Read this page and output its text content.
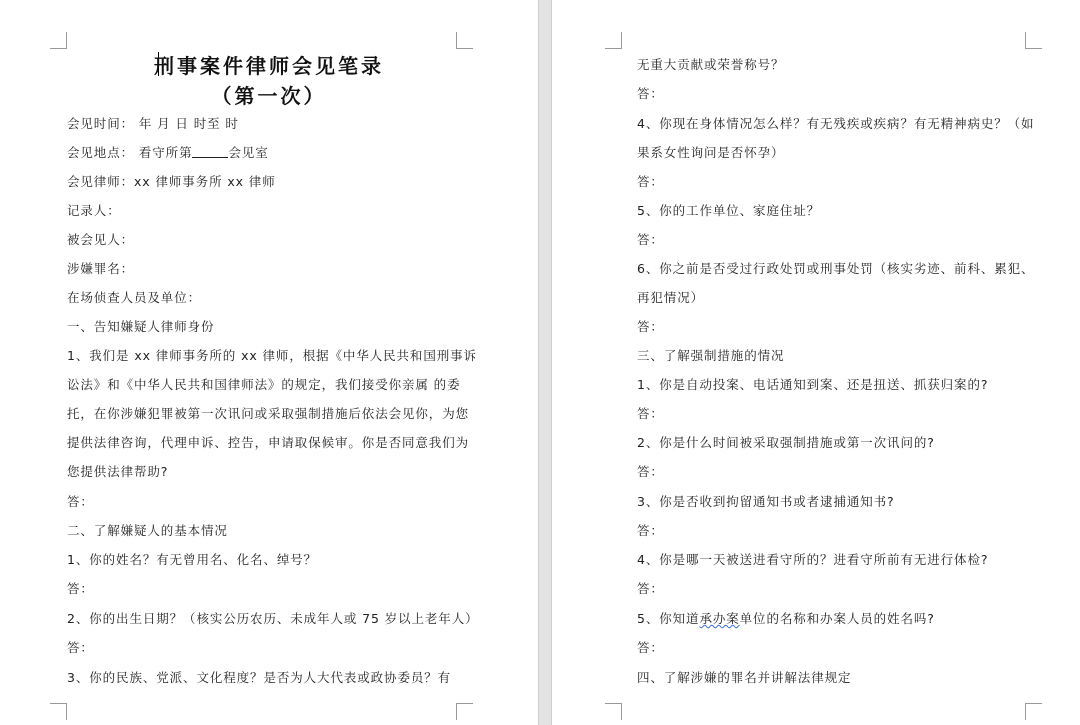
刑事案件律师会见笔录
（第一次）
会见时间： 年 月 日 时至 时
会见地点： 看守所第	会见室
会见律师：xx 律师事务所 xx 律师
记录人：
被会见人：
涉嫌罪名：
在场侦查人员及单位：
一、告知嫌疑人律师身份
1、我们是 xx 律师事务所的 xx 律师，根据《中华人民共和国刑事诉
讼法》和《中华人民共和国律师法》的规定，我们接受你亲属 的委
托，在你涉嫌犯罪被第一次讯问或采取强制措施后依法会见你，为您
提供法律咨询，代理申诉、控告，申请取保候审。你是否同意我们为
您提供法律帮助?
答：
二、了解嫌疑人的基本情况
1、你的姓名？有无曾用名、化名、绰号？
答：
2、你的出生日期？（核实公历农历、未成年人或 75 岁以上老年人）
答：
3、你的民族、党派、文化程度？是否为人大代表或政协委员？有
无重大贡献或荣誉称号？
答：
4、你现在身体情况怎么样？有无残疾或疾病？有无精神病史？（如
果系女性询问是否怀孕）
答：
5、你的工作单位、家庭住址？
答：
6、你之前是否受过行政处罚或刑事处罚（核实劣迹、前科、累犯、
再犯情况）
答：
三、了解强制措施的情况
1、你是自动投案、电话通知到案、还是扭送、抓获归案的?
答：
2、你是什么时间被采取强制措施或第一次讯问的?
答：
3、你是否收到拘留通知书或者逮捕通知书?
答：
4、你是哪一天被送进看守所的？进看守所前有无进行体检?
答：
5、你知道承办案单位的名称和办案人员的姓名吗?
答：
四、了解涉嫌的罪名并讲解法律规定
